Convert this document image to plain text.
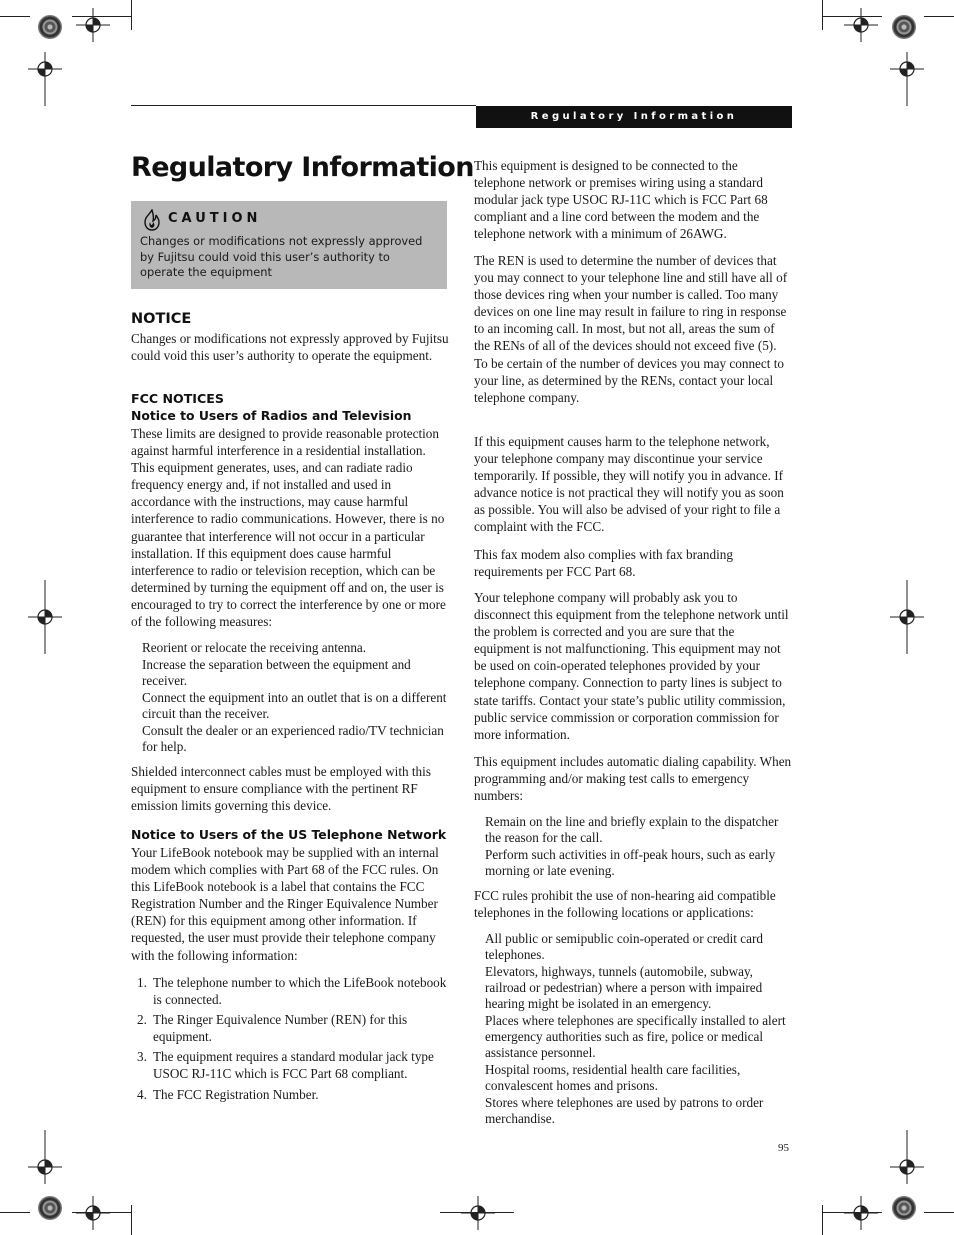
Regulatory Information
Regulatory Information
CAUTION
Changes or modifications not expressly approved by Fujitsu could void this user’s authority to operate the equipment
NOTICE

Changes or modifications not expressly approved by Fujitsu could void this user’s authority to operate the equipment.

FCC NOTICES
Notice to Users of Radios and Television

These limits are designed to provide reasonable protection against harmful interference in a residential installation. This equipment generates, uses, and can radiate radio frequency energy and, if not installed and used in accordance with the instructions, may cause harmful interference to radio communications. However, there is no guarantee that interference will not occur in a particular installation. If this equipment does cause harmful interference to radio or television reception, which can be determined by turning the equipment off and on, the user is encouraged to try to correct the interference by one or more of the following measures:

Reorient or relocate the receiving antenna.
Increase the separation between the equipment and receiver.
Connect the equipment into an outlet that is on a different circuit than the receiver.
Consult the dealer or an experienced radio/TV technician for help.

Shielded interconnect cables must be employed with this equipment to ensure compliance with the pertinent RF emission limits governing this device.

Notice to Users of the US Telephone Network

Your LifeBook notebook may be supplied with an internal modem which complies with Part 68 of the FCC rules. On this LifeBook notebook is a label that contains the FCC Registration Number and the Ringer Equivalence Number (REN) for this equipment among other information. If requested, the user must provide their telephone company with the following information:

1. The telephone number to which the LifeBook notebook is connected.
2. The Ringer Equivalence Number (REN) for this equipment.
3. The equipment requires a standard modular jack type USOC RJ-11C which is FCC Part 68 compliant.
4. The FCC Registration Number.

This equipment is designed to be connected to the telephone network or premises wiring using a standard modular jack type USOC RJ-11C which is FCC Part 68 compliant and a line cord between the modem and the telephone network with a minimum of 26AWG.

The REN is used to determine the number of devices that you may connect to your telephone line and still have all of those devices ring when your number is called. Too many devices on one line may result in failure to ring in response to an incoming call. In most, but not all, areas the sum of the RENs of all of the devices should not exceed five (5). To be certain of the number of devices you may connect to your line, as determined by the RENs, contact your local telephone company.

If this equipment causes harm to the telephone network, your telephone company may discontinue your service temporarily. If possible, they will notify you in advance. If advance notice is not practical they will notify you as soon as possible. You will also be advised of your right to file a complaint with the FCC.

This fax modem also complies with fax branding requirements per FCC Part 68.

Your telephone company will probably ask you to disconnect this equipment from the telephone network until the problem is corrected and you are sure that the equipment is not malfunctioning. This equipment may not be used on coin-operated telephones provided by your telephone company. Connection to party lines is subject to state tariffs. Contact your state’s public utility commission, public service commission or corporation commission for more information.

This equipment includes automatic dialing capability. When programming and/or making test calls to emergency numbers:

Remain on the line and briefly explain to the dispatcher the reason for the call.
Perform such activities in off-peak hours, such as early morning or late evening.

FCC rules prohibit the use of non-hearing aid compatible telephones in the following locations or applications:

All public or semipublic coin-operated or credit card telephones.
Elevators, highways, tunnels (automobile, subway, railroad or pedestrian) where a person with impaired hearing might be isolated in an emergency.
Places where telephones are specifically installed to alert emergency authorities such as fire, police or medical assistance personnel.
Hospital rooms, residential health care facilities, convalescent homes and prisons.
Stores where telephones are used by patrons to order merchandise.
95
